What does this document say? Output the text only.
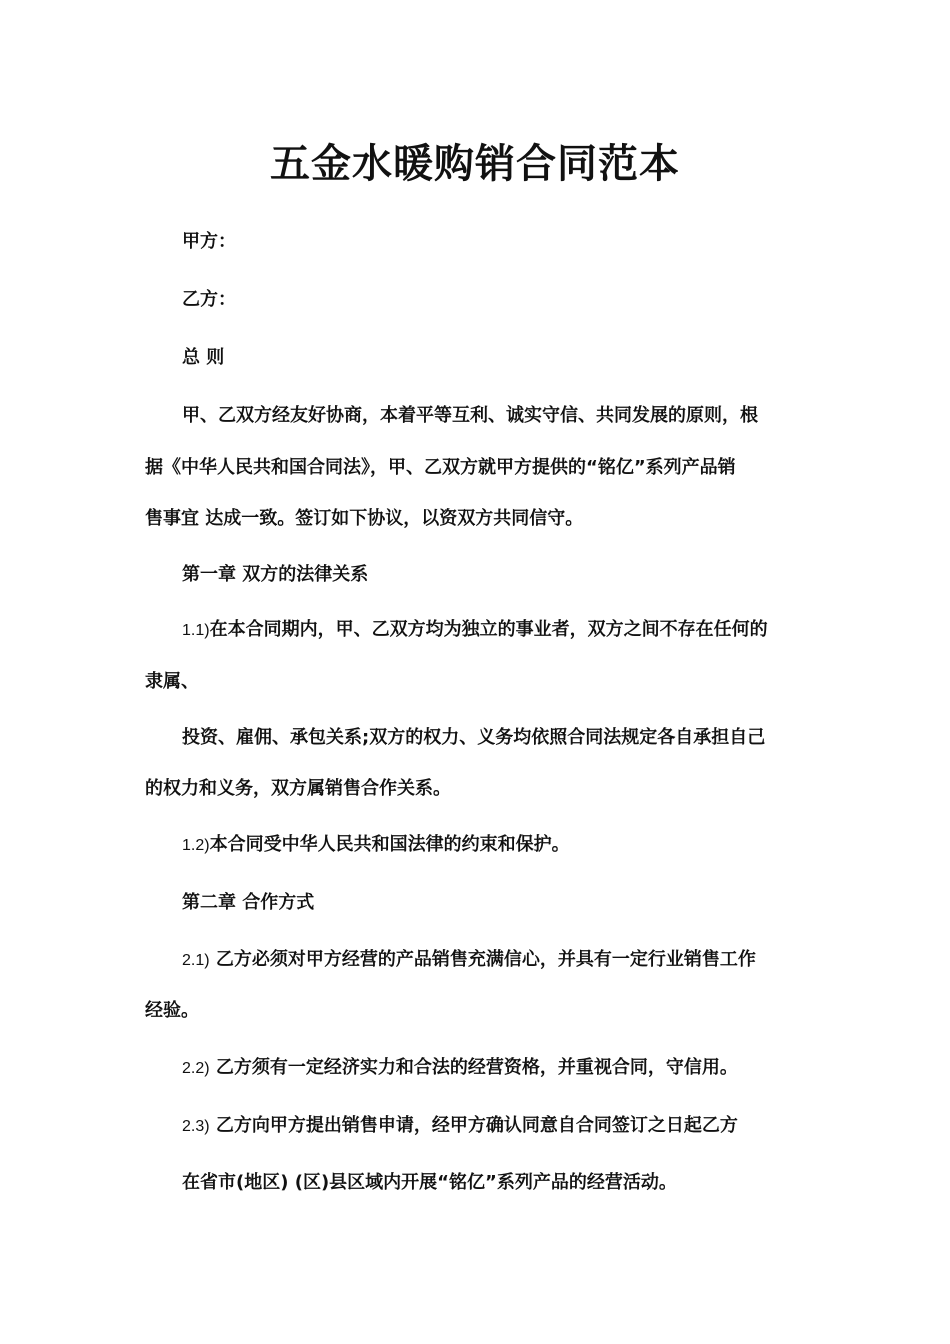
五金水暖购销合同范本
甲方：
乙方：
总 则
甲、乙双方经友好协商，本着平等互利、诚实守信、共同发展的原则，根
据《中华人民共和国合同法》，甲、乙双方就甲方提供的“铭亿”系列产品销
售事宜 达成一致。签订如下协议，以资双方共同信守。
第一章 双方的法律关系
1.1)在本合同期内，甲、乙双方均为独立的事业者，双方之间不存在任何的
隶属、
投资、雇佣、承包关系;双方的权力、义务均依照合同法规定各自承担自己
的权力和义务，双方属销售合作关系。
1.2)本合同受中华人民共和国法律的约束和保护。
第二章 合作方式
2.1) 乙方必须对甲方经营的产品销售充满信心，并具有一定行业销售工作
经验。
2.2) 乙方须有一定经济实力和合法的经营资格，并重视合同，守信用。
2.3) 乙方向甲方提出销售申请，经甲方确认同意自合同签订之日起乙方
在省市(地区) (区)县区域内开展“铭亿”系列产品的经营活动。
